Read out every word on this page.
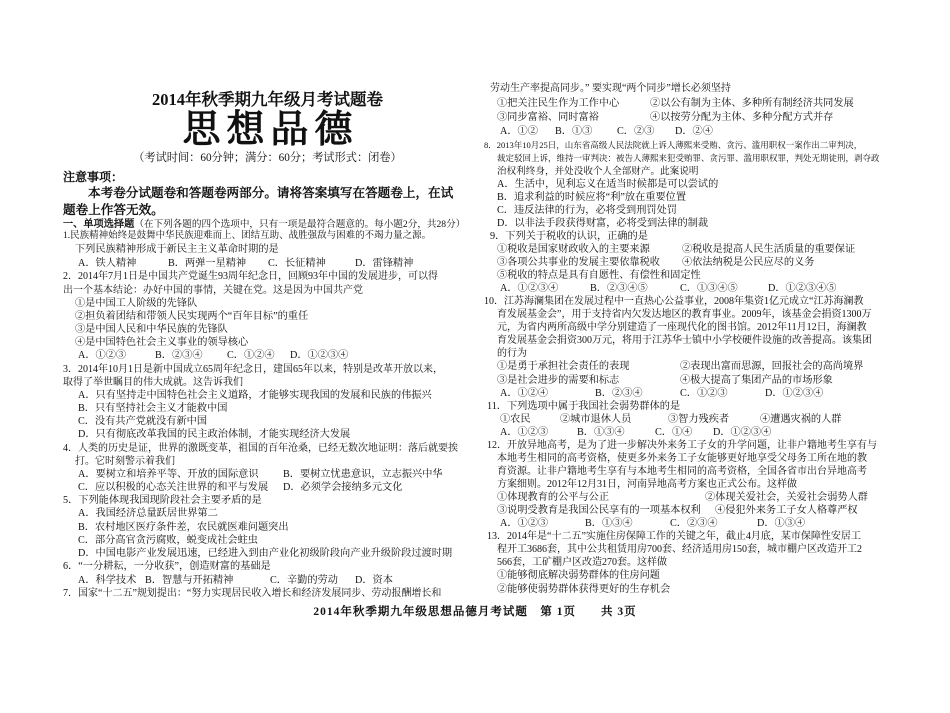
2014年秋季期九年级月考试题卷
思想品德
（考试时间：60分钟；满分：60分；考试形式：闭卷）
注意事项：
本考卷分试题卷和答题卷两部分。请将答案填写在答题卷上，在试
题卷上作答无效。
一、单项选择题（在下列各题的四个选项中，只有一项是最符合题意的。每小题2分，共28分）
1.民族精神始终是鼓舞中华民族迎难而上、团结互助、战胜强敌与困难的不竭力量之源。
下列民族精神形成于新民主主义革命时期的是
A．铁人精神	B．两弹一星精神 C．长征精神	D．雷锋精神
2．2014年7月1日是中国共产党诞生93周年纪念日，回顾93年中国的发展进步，可以得
出一个基本结论：办好中国的事情，关键在党。这是因为中国共产党
①是中国工人阶级的先锋队
②担负着团结和带领人民实现两个“百年目标”的重任
③是中国人民和中华民族的先锋队
④是中国特色社会主义事业的领导核心
A．①②③	B．②③④ C．①②④ D．①②③④
3．2014年10月1日是新中国成立65周年纪念日，建国65年以来，特别是改革开放以来，
取得了举世瞩目的伟大成就。这告诉我们
A．只有坚持走中国特色社会主义道路，才能够实现我国的发展和民族的伟振兴
B．只有坚持社会主义才能救中国
C．没有共产党就没有新中国
D．只有彻底改革我国的民主政治体制，才能实现经济大发展
4．人类的历史是证，世界的激既变革，祖国的百年沧桑，已经无数次地证明：落后就要挨
打。它时刻警示着我们
A．要树立和培养平等、开放的国际意识 B．要树立忧患意识，立志振兴中华
C．应以积极的心态关注世界的和平与发展 D．必须学会接纳多元文化
5．下列能体现我国现阶段社会主要矛盾的是
A．我国经济总量跃居世界第二
B．农村地区医疗条件差，农民就医难问题突出
C．部分高官贪污腐败，蜕变成社会蛀虫
D．中国电影产业发展迅速，已经进入到由产业化初级阶段向产业升级阶段过渡时期
6．“一分耕耘，一分收获”，创造财富的基础是
A．科学技术 B．智慧与开拓精神	C．辛勤的劳动 D．资本
7．国家“十二五”规划提出：“努力实现居民收入增长和经济发展同步、劳动报酬增长和
劳动生产率提高同步。” 要实现“两个同步”增长必须坚持
①把关注民生作为工作中心	②以公有制为主体、多种所有制经济共同发展
③同步富裕、同时富裕	④以按劳分配为主体、多种分配方式并存
A．①② B．①③ C．②③ D．②④
8．2013年10月25日，山东省高级人民法院就上诉人薄熙来受贿、贪污、滥用职权一案作出二审判决，
裁定驳回上诉，维持一审判决：被告人薄熙来犯受贿罪、贪污罪、滥用职权罪，判处无期徒刑，剥夺政
治权利终身，并处没收个人全部财产。此案说明
A．生活中，见利忘义在适当时候都是可以尝试的
B．追求利益的时候应将“利”放在重要位置
C．违反法律的行为，必将受到刑罚处罚
D．以非法手段获得财富，必将受到法律的制裁
9．下列关于税收的认识，正确的是
①税收是国家财政收入的主要来源	②税收是提高人民生活质量的重要保证
③各项公共事业的发展主要依靠税收 ④依法纳税是公民应尽的义务
⑤税收的特点是具有自愿性、有偿性和固定性
A．①②③④	B．②③④⑤	C．①③④⑤	D．①②③④⑤
10．江苏海澜集团在发展过程中一直热心公益事业，2008年集资1亿元成立“江苏海澜教
育发展基金会”，用于支持省内欠发达地区的教育事业。2009年，该基金会捐资1300万
元，为省内两所高级中学分别建造了一座现代化的图书馆。2012年11月12日，海澜教
育发展基金会捐资300万元，将用于江苏华士镇中小学校硬件设施的改善提高。该集团
的行为
①是勇于承担社会责任的表现	②表现出富而思源，回报社会的高尚境界
③是社会进步的需要和标志	④极大提高了集团产品的市场形象
A．①②④	B．②③④	C．①②③	D．①②③④
11．下列选项中属于我国社会弱势群体的是
①农民	②城市退休人员	③智力残疾者	④遭遇灾祸的人群
A．①②③	B．①③④	C．①④ D．①②③④
12．开放异地高考，是为了进一步解决外来务工子女的升学问题，让非户籍地考生享有与
本地考生相同的高考资格，使更多外来务工子女能够更好地享受父母务工所在地的教
育资源。让非户籍地考生享有与本地考生相同的高考资格，全国各省市出台异地高考
方案细则。2012年12月31日，河南异地高考方案也正式公布。这样做
①体现教育的公平与公正	②体现关爱社会，关爱社会弱势人群
③说明受教育是我国公民享有的一项基本权利 ④侵犯外来务工子女人格尊严权
A．①②③	B．①③④	C．②③④	D．①③④
13．2014年是“十二五”实施住房保障工作的关键之年，截止4月底，某市保障性安居工
程开工3686套，其中公共租赁用房700套、经济适用房150套，城市棚户区改造开工2
566套，工矿棚户区改造270套。这样做
①能够彻底解决弱势群体的住房问题
②能够使弱势群体获得更好的生存机会
2014年秋季期九年级思想品德月考试题　第 1页　　共 3页
